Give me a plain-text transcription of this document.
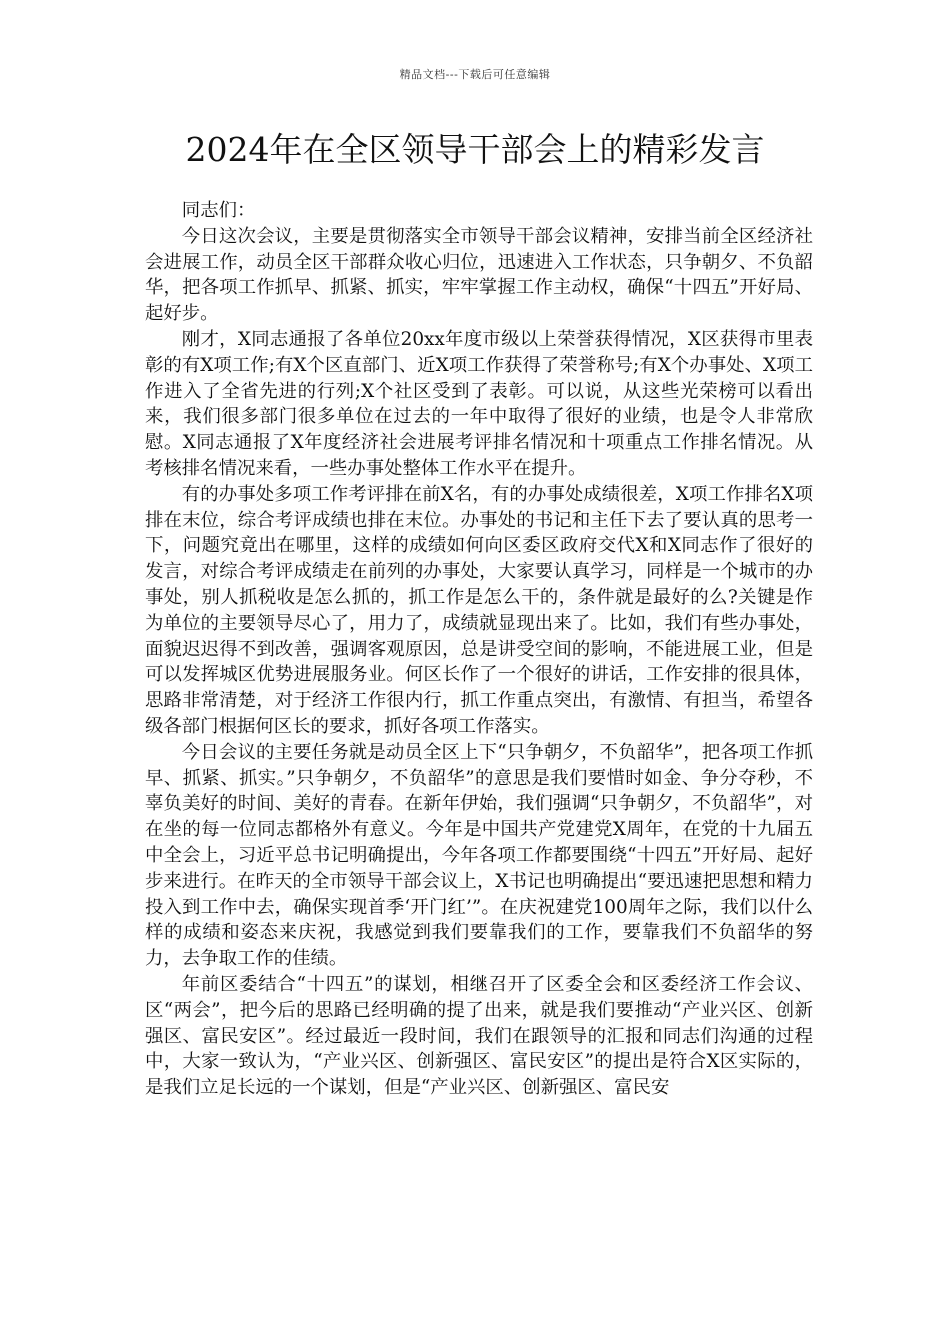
精品文档---下载后可任意编辑
2024年在全区领导干部会上的精彩发言

同志们：

今日这次会议，主要是贯彻落实全市领导干部会议精神，安排当前全区经济社会进展工作，动员全区干部群众收心归位，迅速进入工作状态，只争朝夕、不负韶华，把各项工作抓早、抓紧、抓实，牢牢掌握工作主动权，确保“十四五”开好局、起好步。

刚才，X同志通报了各单位20xx年度市级以上荣誉获得情况，X区获得市里表彰的有X项工作;有X个区直部门、近X项工作获得了荣誉称号;有X个办事处、X项工作进入了全省先进的行列;X个社区受到了表彰。可以说，从这些光荣榜可以看出来，我们很多部门很多单位在过去的一年中取得了很好的业绩，也是令人非常欣慰。X同志通报了X年度经济社会进展考评排名情况和十项重点工作排名情况。从考核排名情况来看，一些办事处整体工作水平在提升。

有的办事处多项工作考评排在前X名，有的办事处成绩很差，X项工作排名X项排在末位，综合考评成绩也排在末位。办事处的书记和主任下去了要认真的思考一下，问题究竟出在哪里，这样的成绩如何向区委区政府交代X和X同志作了很好的发言，对综合考评成绩走在前列的办事处，大家要认真学习，同样是一个城市的办事处，别人抓税收是怎么抓的，抓工作是怎么干的，条件就是最好的么?关键是作为单位的主要领导尽心了，用力了，成绩就显现出来了。比如，我们有些办事处，面貌迟迟得不到改善，强调客观原因，总是讲受空间的影响，不能进展工业，但是可以发挥城区优势进展服务业。何区长作了一个很好的讲话，工作安排的很具体，思路非常清楚，对于经济工作很内行，抓工作重点突出，有激情、有担当，希望各级各部门根据何区长的要求，抓好各项工作落实。

今日会议的主要任务就是动员全区上下“只争朝夕，不负韶华”，把各项工作抓早、抓紧、抓实。”只争朝夕，不负韶华”的意思是我们要惜时如金、争分夺秒，不辜负美好的时间、美好的青春。在新年伊始，我们强调“只争朝夕，不负韶华”，对在坐的每一位同志都格外有意义。今年是中国共产党建党X周年，在党的十九届五中全会上，习近平总书记明确提出，今年各项工作都要围绕“十四五”开好局、起好步来进行。在昨天的全市领导干部会议上，X书记也明确提出“要迅速把思想和精力投入到工作中去，确保实现首季‘开门红’”。在庆祝建党100周年之际，我们以什么样的成绩和姿态来庆祝，我感觉到我们要靠我们的工作，要靠我们不负韶华的努力，去争取工作的佳绩。

年前区委结合“十四五”的谋划，相继召开了区委全会和区委经济工作会议、区“两会”，把今后的思路已经明确的提了出来，就是我们要推动“产业兴区、创新强区、富民安区”。经过最近一段时间，我们在跟领导的汇报和同志们沟通的过程中，大家一致认为，“产业兴区、创新强区、富民安区”的提出是符合X区实际的，是我们立足长远的一个谋划，但是“产业兴区、创新强区、富民安
